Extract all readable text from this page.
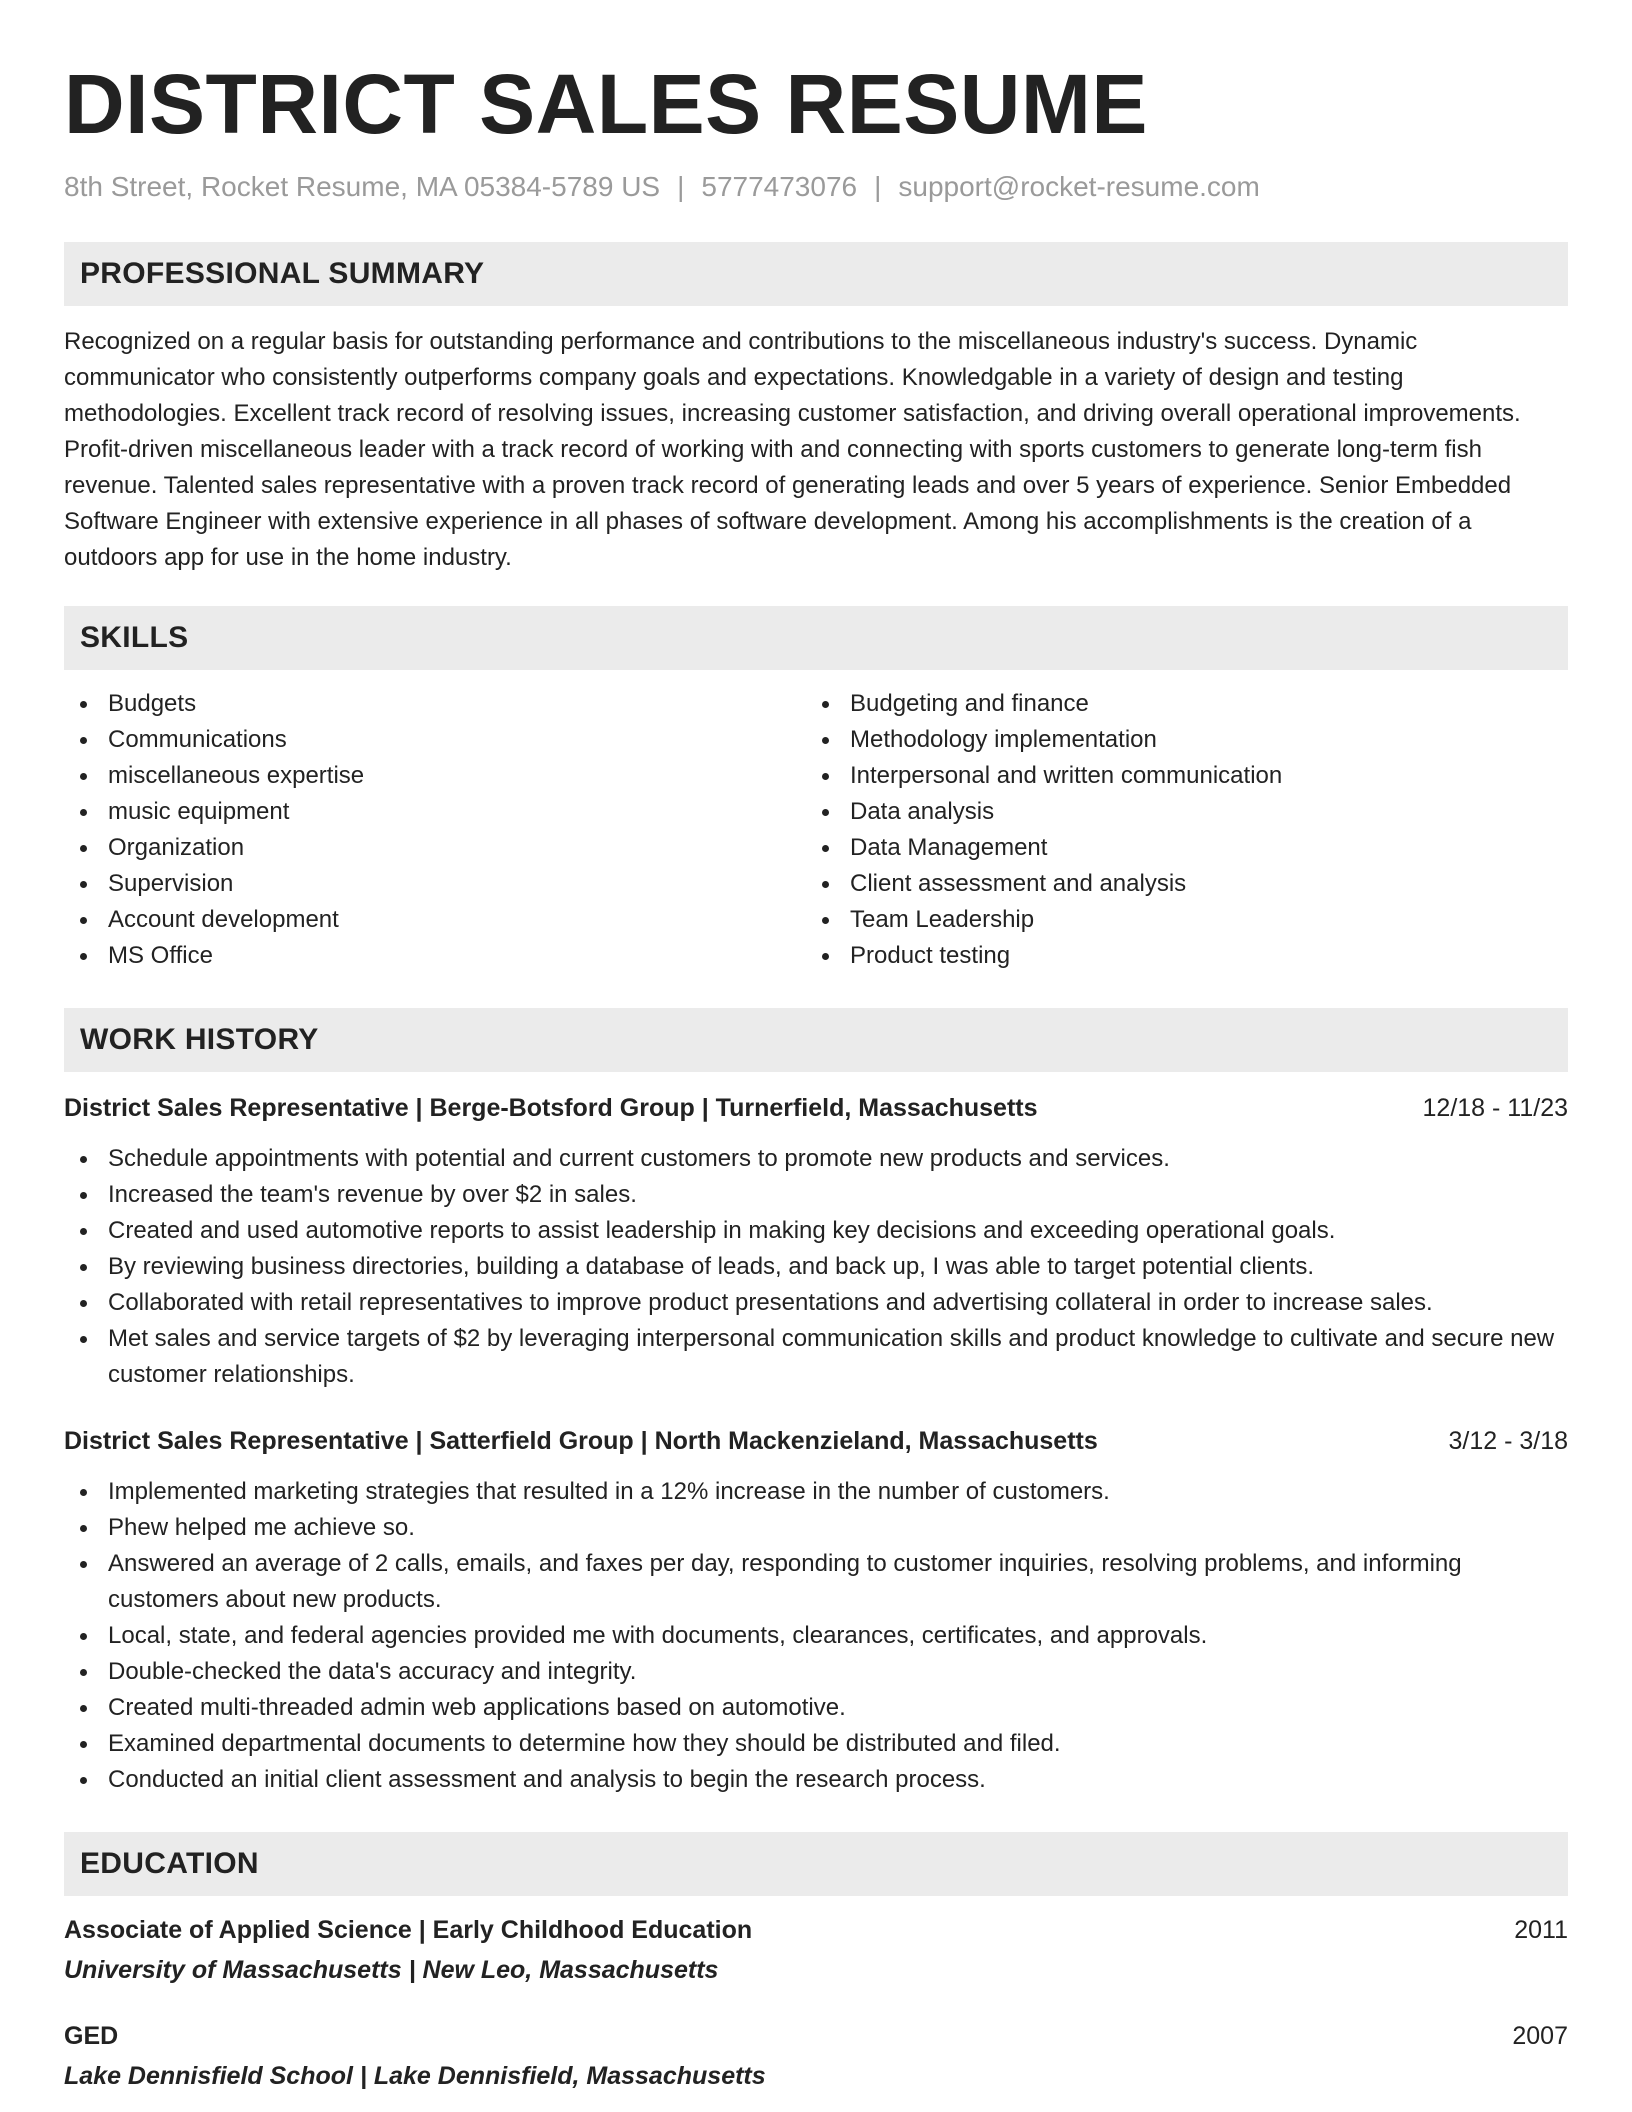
DISTRICT SALES RESUME
8th Street, Rocket Resume, MA 05384-5789 US | 5777473076 | support@rocket-resume.com
PROFESSIONAL SUMMARY

Recognized on a regular basis for outstanding performance and contributions to the miscellaneous industry's success. Dynamic communicator who consistently outperforms company goals and expectations. Knowledgable in a variety of design and testing methodologies. Excellent track record of resolving issues, increasing customer satisfaction, and driving overall operational improvements. Profit-driven miscellaneous leader with a track record of working with and connecting with sports customers to generate long-term fish revenue. Talented sales representative with a proven track record of generating leads and over 5 years of experience. Senior Embedded Software Engineer with extensive experience in all phases of software development. Among his accomplishments is the creation of a outdoors app for use in the home industry.

SKILLS
Budgets
Communications
miscellaneous expertise
music equipment
Organization
Supervision
Account development
MS Office
Budgeting and finance
Methodology implementation
Interpersonal and written communication
Data analysis
Data Management
Client assessment and analysis
Team Leadership
Product testing
WORK HISTORY
District Sales Representative | Berge-Botsford Group | Turnerfield, Massachusetts	12/18 - 11/23
Schedule appointments with potential and current customers to promote new products and services.
Increased the team's revenue by over $2 in sales.
Created and used automotive reports to assist leadership in making key decisions and exceeding operational goals.
By reviewing business directories, building a database of leads, and back up, I was able to target potential clients.
Collaborated with retail representatives to improve product presentations and advertising collateral in order to increase sales.
Met sales and service targets of $2 by leveraging interpersonal communication skills and product knowledge to cultivate and secure new customer relationships.
District Sales Representative | Satterfield Group | North Mackenzieland, Massachusetts	3/12 - 3/18
Implemented marketing strategies that resulted in a 12% increase in the number of customers.
Phew helped me achieve so.
Answered an average of 2 calls, emails, and faxes per day, responding to customer inquiries, resolving problems, and informing customers about new products.
Local, state, and federal agencies provided me with documents, clearances, certificates, and approvals.
Double-checked the data's accuracy and integrity.
Created multi-threaded admin web applications based on automotive.
Examined departmental documents to determine how they should be distributed and filed.
Conducted an initial client assessment and analysis to begin the research process.
EDUCATION
Associate of Applied Science | Early Childhood Education	2011
University of Massachusetts | New Leo, Massachusetts
GED	2007
Lake Dennisfield School | Lake Dennisfield, Massachusetts
